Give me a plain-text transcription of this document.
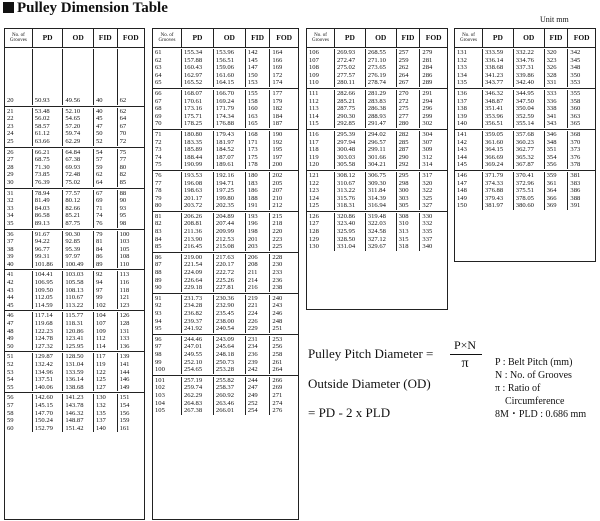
Pulley Dimension Table
Unit mm
No. of Grooves	PD	OD	FID	FOD
20	50.93	49.56	40	62
21	53.48	52.10	40	62
22	56.02	54.65	45	64
23	58.57	57.20	47	67
24	61.12	59.74	50	70
25	63.66	62.29	52	72
26	66.21	64.84	54	75
27	68.75	67.38	57	77
28	71.30	69.93	59	80
29	73.85	72.48	62	82
30	76.39	75.02	64	85
31	78.94	77.57	67	88
32	81.49	80.12	69	90
33	84.03	82.66	71	93
34	86.58	85.21	74	95
35	89.13	87.75	76	98
36	91.67	90.30	79	100
37	94.22	92.85	81	103
38	96.77	95.39	84	105
39	99.31	97.97	86	108
40	101.86	100.49	89	110
41	104.41	103.03	92	113
42	106.95	105.58	94	116
43	109.50	108.13	97	118
44	112.05	110.67	99	121
45	114.59	113.22	102	123
46	117.14	115.77	104	126
47	119.68	118.31	107	128
48	122.23	120.86	109	131
49	124.78	123.41	112	133
50	127.32	125.95	114	136
51	129.87	128.50	117	139
52	132.42	131.04	119	141
53	134.96	133.59	122	144
54	137.51	136.14	125	146
55	140.06	138.68	127	149
56	142.60	141.23	130	151
57	145.15	143.78	132	154
58	147.70	146.32	135	156
59	150.24	148.87	137	159
60	152.79	151.42	140	161
No. of Grooves	PD	OD	FID	FOD
61	155.34	153.96	142	164
62	157.88	156.51	145	166
63	160.43	159.06	147	169
64	162.97	161.60	150	172
65	165.52	164.15	153	174
66	168.07	166.70	155	177
67	170.61	169.24	158	179
68	173.16	171.79	160	182
69	175.71	174.34	163	184
70	178.25	176.88	165	187
71	180.80	179.43	168	190
72	183.35	181.97	171	192
73	185.89	184.52	173	195
74	188.44	187.07	175	197
75	190.99	189.61	178	200
76	193.53	192.16	180	202
77	196.08	194.71	183	205
78	198.63	197.25	186	207
79	201.17	199.80	188	210
80	203.72	202.35	191	212
81	206.26	204.89	193	215
82	208.81	207.44	196	218
83	211.36	209.99	198	220
84	213.90	212.53	201	223
85	216.45	215.08	203	225
86	219.00	217.63	206	228
87	221.54	220.17	208	230
88	224.09	222.72	211	233
89	226.64	225.26	214	236
90	229.18	227.81	216	238
91	231.73	230.36	219	240
92	234.28	232.90	221	243
93	236.82	235.45	224	246
94	239.37	238.00	226	248
95	241.92	240.54	229	251
96	244.46	243.09	231	253
97	247.01	245.64	234	256
98	249.55	248.18	236	258
99	252.10	250.73	239	261
100	254.65	253.28	242	264
101	257.19	255.82	244	266
102	259.74	258.37	247	269
103	262.29	260.92	249	271
104	264.83	263.46	252	274
105	267.38	266.01	254	276
No. of Grooves	PD	OD	FID	FOD
106	269.93	268.55	257	279
107	272.47	271.10	259	281
108	275.02	273.65	262	284
109	277.57	276.19	264	286
110	280.11	278.74	267	289
111	282.66	281.29	270	291
112	285.21	283.83	272	294
113	287.75	286.38	275	296
114	290.30	288.93	277	299
115	292.85	291.47	280	302
116	295.39	294.02	282	304
117	297.94	296.57	285	307
118	300.48	299.11	287	309
119	303.03	301.66	290	312
120	305.58	304.21	292	314
121	308.12	306.75	295	317
122	310.67	309.30	298	320
123	313.22	311.84	300	322
124	315.76	314.39	303	325
125	318.31	316.94	305	327
126	320.86	319.48	308	330
127	323.40	322.03	310	332
128	325.95	324.58	313	335
129	328.50	327.12	315	337
130	331.04	329.67	318	340
No. of Grooves	PD	OD	FID	FOD
131	333.59	332.22	320	342
132	336.14	334.76	323	345
133	338.68	337.31	326	348
134	341.23	339.86	328	350
135	343.77	342.40	331	353
136	346.32	344.95	333	355
137	348.87	347.50	336	358
138	351.41	350.04	338	360
139	353.96	352.59	341	363
140	356.51	355.14	343	365
141	359.05	357.68	346	368
142	361.60	360.23	348	370
143	364.15	362.77	351	373
144	366.69	365.32	354	376
145	369.24	367.87	356	378
146	371.79	370.41	359	381
147	374.33	372.96	361	383
148	376.88	375.51	364	386
149	379.43	378.05	366	388
150	381.97	380.60	369	391
Pulley Pitch Diameter =
P×N
π
Outside Diameter (OD)
= PD - 2 x PLD
P : Belt Pitch (mm)
N : No. of Grooves
π : Ratio of
Circumference
8M・PLD : 0.686 mm
